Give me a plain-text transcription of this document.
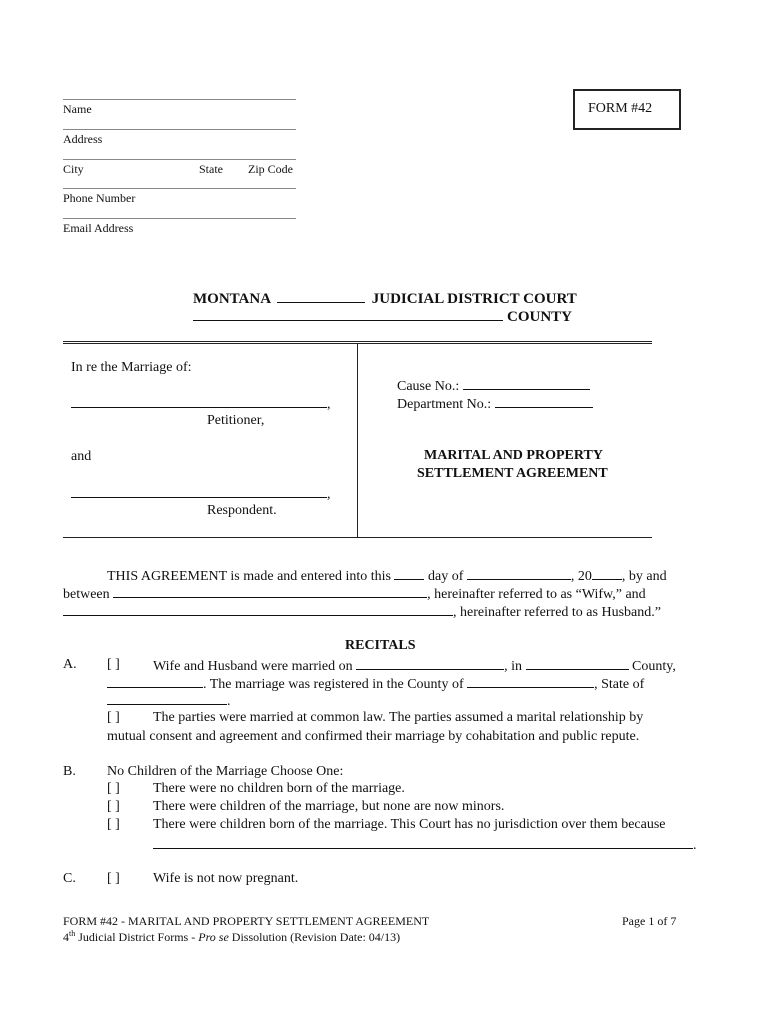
Name
Address
City	State Zip Code
Phone Number
Email Address
FORM #42
MONTANA	JUDICIAL DISTRICT COURT
COUNTY
In re the Marriage of:
,
Petitioner,
and
,
Respondent.
Cause No.:
Department No.:
MARITAL AND PROPERTY
SETTLEMENT AGREEMENT
THIS AGREEMENT is made and entered into this	day of	, 20 , by and
between	, hereinafter referred to as “Wifw,” and
, hereinafter referred to as Husband.”
RECITALS
A. [ ] Wife and Husband were married on	, in	County,
. The marriage was registered in the County of	, State of
.
[ ] The parties were married at common law. The parties assumed a marital relationship by
mutual consent and agreement and confirmed their marriage by cohabitation and public repute.
B. No Children of the Marriage Choose One:
[ ] There were no children born of the marriage.
[ ] There were children of the marriage, but none are now minors.
[ ] There were children born of the marriage. This Court has no jurisdiction over them because
.
C. [ ] Wife is not now pregnant.
FORM #42 - MARITAL AND PROPERTY SETTLEMENT AGREEMENT	Page 1 of 7
4th Judicial District Forms - Pro se Dissolution (Revision Date: 04/13)
